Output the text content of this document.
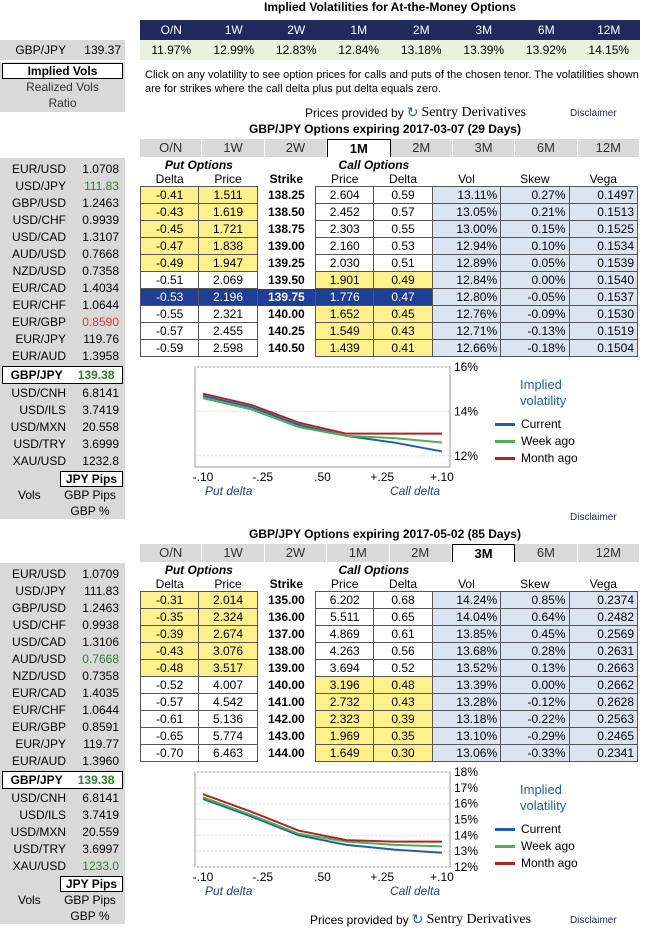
Implied Volatilities for At-the-Money Options
O/N	1W	2W	1M	2M	3M	6M	12M
11.97%	12.99%	12.83%	12.84%	13.18%	13.39%	13.92%	14.15%
GBP/JPY	139.37
Implied Vols
Realized Vols
Ratio
Click on any volatility to see option prices for calls and puts of the chosen tenor. The volatilities shown are for strikes where the call delta plus put delta equals zero.
Prices provided by ↻ Sentry Derivatives	Disclaimer
GBP/JPY Options expiring 2017-03-07 (29 Days)
O/N	1W	2W	1M	2M	3M	6M	12M
EUR/USD	1.0708
USD/JPY	111.83
GBP/USD	1.2463
USD/CHF	0.9939
USD/CAD	1.3107
AUD/USD	0.7668
NZD/USD	0.7358
EUR/CAD	1.4034
EUR/CHF	1.0644
EUR/GBP	0.8590
EUR/JPY	119.76
EUR/AUD	1.3958
GBP/JPY 139.38
USD/CNH	6.8141
USD/ILS	3.7419
USD/MXN	20.558
USD/TRY	3.6999
XAU/USD	1232.8
JPY Pips
Vols	GBP Pips
GBP %
Put Options			Call Options				
Delta	Price	Strike	Price	Delta	Vol	Skew	Vega
-0.41	1.511	138.25	2.604	0.59	13.11%	0.27%	0.1497
-0.43	1.619	138.50	2.452	0.57	13.05%	0.21%	0.1513
-0.45	1.721	138.75	2.303	0.55	13.00%	0.15%	0.1525
-0.47	1.838	139.00	2.160	0.53	12.94%	0.10%	0.1534
-0.49	1.947	139.25	2.030	0.51	12.89%	0.05%	0.1539
-0.51	2.069	139.50	1.901	0.49	12.84%	0.00%	0.1540
-0.53	2.196	139.75	1.776	0.47	12.80%	-0.05%	0.1537
-0.55	2.321	140.00	1.652	0.45	12.76%	-0.09%	0.1530
-0.57	2.455	140.25	1.549	0.43	12.71%	-0.13%	0.1519
-0.59	2.598	140.50	1.439	0.41	12.66%	-0.18%	0.1504
16%
14%
12%
-.10	-.25	.50	+.25	+.10
Put delta	Call delta
Implied
volatility
Current
Week ago
Month ago
Disclaimer
GBP/JPY Options expiring 2017-05-02 (85 Days)
O/N	1W	2W	1M	2M	3M	6M	12M
EUR/USD	1.0709
USD/JPY	111.83
GBP/USD	1.2463
USD/CHF	0.9938
USD/CAD	1.3106
AUD/USD	0.7668
NZD/USD	0.7358
EUR/CAD	1.4035
EUR/CHF	1.0644
EUR/GBP	0.8591
EUR/JPY	119.77
EUR/AUD	1.3960
GBP/JPY 139.38
USD/CNH	6.8141
USD/ILS	3.7419
USD/MXN	20.559
USD/TRY	3.6997
XAU/USD	1233.0
JPY Pips
Vols	GBP Pips
GBP %
Put Options			Call Options				
Delta	Price	Strike	Price	Delta	Vol	Skew	Vega
-0.31	2.014	135.00	6.202	0.68	14.24%	0.85%	0.2374
-0.35	2.324	136.00	5.511	0.65	14.04%	0.64%	0.2482
-0.39	2.674	137.00	4.869	0.61	13.85%	0.45%	0.2569
-0.43	3.076	138.00	4.263	0.56	13.68%	0.28%	0.2631
-0.48	3.517	139.00	3.694	0.52	13.52%	0.13%	0.2663
-0.52	4.007	140.00	3.196	0.48	13.39%	0.00%	0.2662
-0.57	4.542	141.00	2.732	0.43	13.28%	-0.12%	0.2628
-0.61	5.136	142.00	2.323	0.39	13.18%	-0.22%	0.2563
-0.65	5.774	143.00	1.969	0.35	13.10%	-0.29%	0.2465
-0.70	6.463	144.00	1.649	0.30	13.06%	-0.33%	0.2341
18%
17%
16%
15%
14%
13%
12%
-.10	-.25	.50	+.25	+.10
Put delta	Call delta
Implied
volatility
Current
Week ago
Month ago
Prices provided by ↻ Sentry Derivatives	Disclaimer
